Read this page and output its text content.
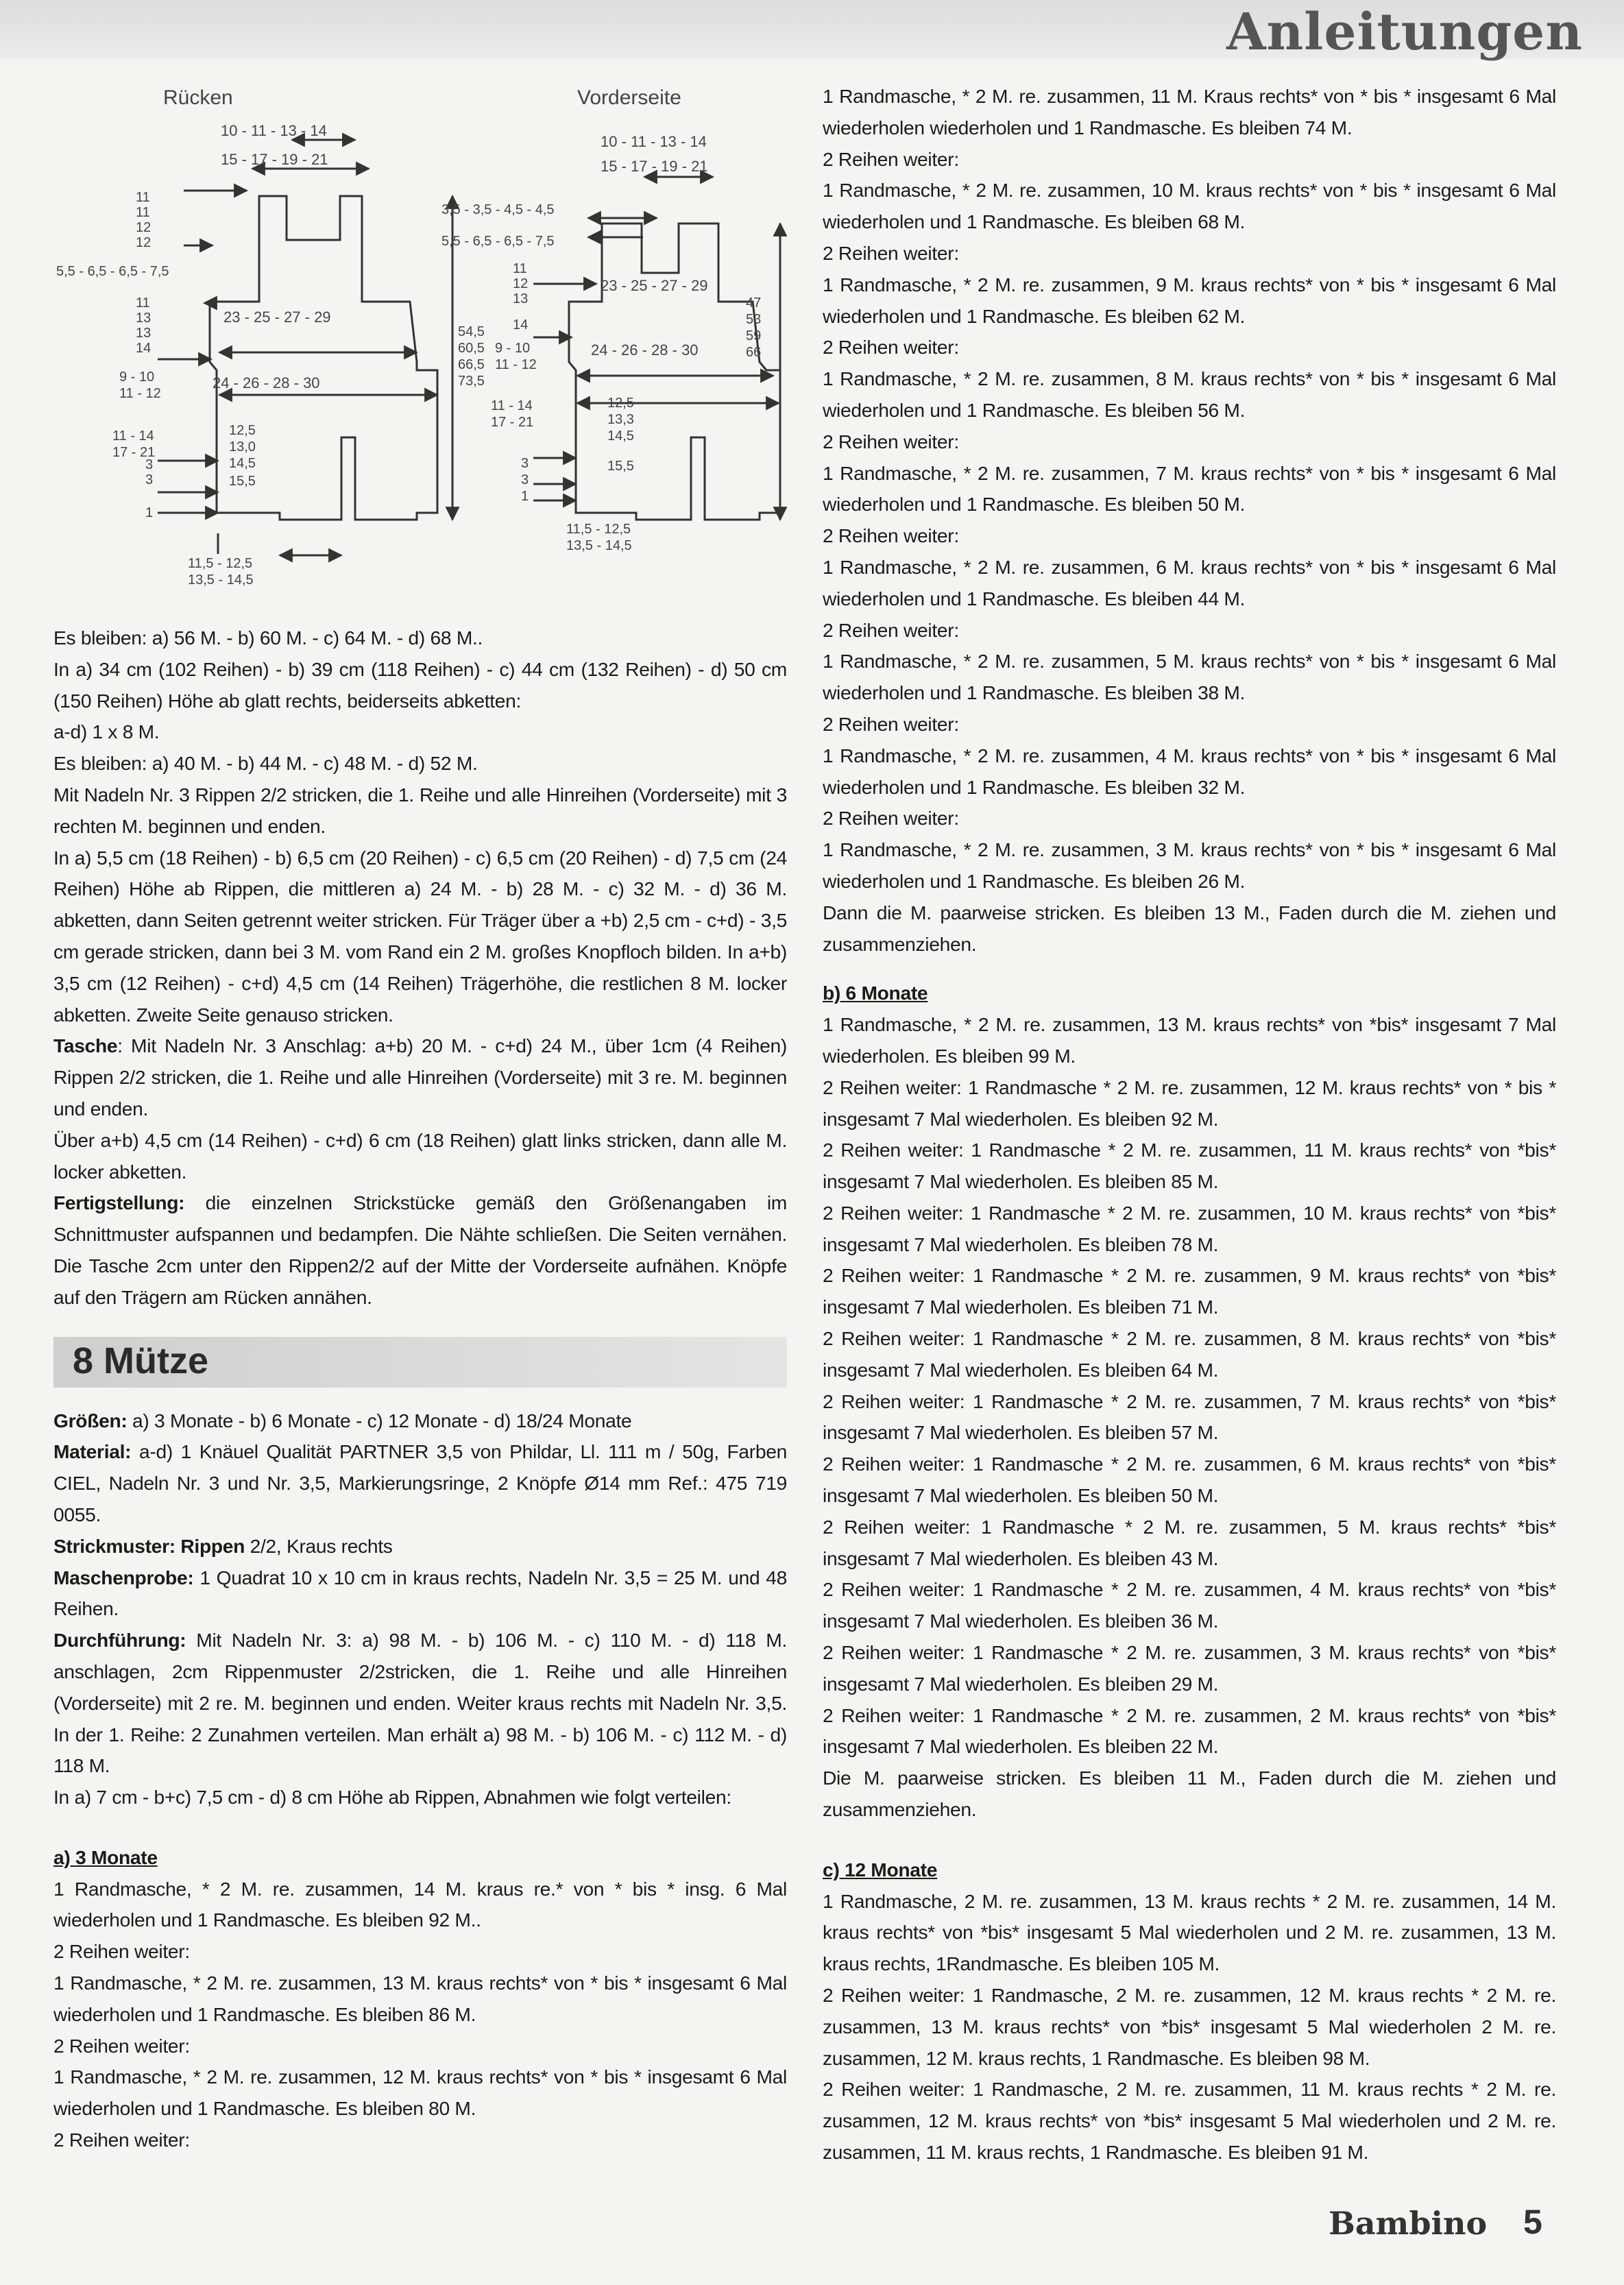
Anleitungen
Rücken
10 - 11 - 13 - 14
15 - 17 - 19 - 21
11
11
12
12
5,5 - 6,5 - 6,5 - 7,5
11
13
13
14
9 - 10
11 - 12
23 - 25 - 27 - 29
24 - 26 - 28 - 30
54,5
60,5
66,5
73,5
11 - 14
17 - 21
12,5
13,0
14,5
15,5
3
3
1
11,5 - 12,5
13,5 - 14,5
Vorderseite
10 - 11 - 13 - 14
15 - 17 - 19 - 21
3,5 - 3,5 - 4,5 - 4,5
5,5 - 6,5 - 6,5 - 7,5
11
12
13
14
9 - 10
11 - 12
23 - 25 - 27 - 29
24 - 26 - 28 - 30
47
53
59
66
11 - 14
17 - 21
12,5
13,3
14,5
15,5
3
3
1
11,5 - 12,5
13,5 - 14,5

Es bleiben: a) 56 M. - b) 60 M. - c) 64 M. - d) 68 M..

In a) 34 cm (102 Reihen) - b) 39 cm (118 Reihen) - c) 44 cm (132 Reihen) - d) 50 cm (150 Reihen) Höhe ab glatt rechts, beiderseits abketten:

a-d) 1 x 8 M.

Es bleiben: a) 40 M. - b) 44 M. - c) 48 M. - d) 52 M.

Mit Nadeln Nr. 3 Rippen 2/2 stricken, die 1. Reihe und alle Hinreihen (Vorderseite) mit 3 rechten M. beginnen und enden.

In a) 5,5 cm (18 Reihen) - b) 6,5 cm (20 Reihen) - c) 6,5 cm (20 Reihen) - d) 7,5 cm (24 Reihen) Höhe ab Rippen, die mittleren a) 24 M. - b) 28 M. - c) 32 M. - d) 36 M. abketten, dann Seiten getrennt weiter stricken. Für Träger über a +b) 2,5 cm - c+d) - 3,5 cm gerade stricken, dann bei 3 M. vom Rand ein 2 M. großes Knopfloch bilden. In a+b) 3,5 cm (12 Reihen) - c+d) 4,5 cm (14 Reihen) Trägerhöhe, die restlichen 8 M. locker abketten. Zweite Seite genauso stricken.

Tasche: Mit Nadeln Nr. 3 Anschlag: a+b) 20 M. - c+d) 24 M., über 1cm (4 Reihen) Rippen 2/2 stricken, die 1. Reihe und alle Hinreihen (Vorderseite) mit 3 re. M. beginnen und enden.

Über a+b) 4,5 cm (14 Reihen) - c+d) 6 cm (18 Reihen) glatt links stricken, dann alle M. locker abketten.

Fertigstellung: die einzelnen Strickstücke gemäß den Größenangaben im Schnittmuster aufspannen und bedampfen. Die Nähte schließen. Die Seiten vernähen. Die Tasche 2cm unter den Rippen2/2 auf der Mitte der Vorderseite aufnähen. Knöpfe auf den Trägern am Rücken annähen.

8 Mütze

Größen: a) 3 Monate - b) 6 Monate - c) 12 Monate - d) 18/24 Monate

Material: a-d) 1 Knäuel Qualität PARTNER 3,5 von Phildar, Ll. 111 m / 50g, Farben CIEL, Nadeln Nr. 3 und Nr. 3,5, Markierungsringe, 2 Knöpfe Ø14 mm Ref.: 475 719 0055.

Strickmuster: Rippen 2/2, Kraus rechts

Maschenprobe: 1 Quadrat 10 x 10 cm in kraus rechts, Nadeln Nr. 3,5 = 25 M. und 48 Reihen.

Durchführung: Mit Nadeln Nr. 3: a) 98 M. - b) 106 M. - c) 110 M. - d) 118 M. anschlagen, 2cm Rippenmuster 2/2stricken, die 1. Reihe und alle Hinreihen (Vorderseite) mit 2 re. M. beginnen und enden. Weiter kraus rechts mit Nadeln Nr. 3,5. In der 1. Reihe: 2 Zunahmen verteilen. Man erhält a) 98 M. - b) 106 M. - c) 112 M. - d) 118 M.

In a) 7 cm - b+c) 7,5 cm - d) 8 cm Höhe ab Rippen, Abnahmen wie folgt verteilen:

a) 3 Monate

1 Randmasche, * 2 M. re. zusammen, 14 M. kraus re.* von * bis * insg. 6 Mal wiederholen und 1 Randmasche. Es bleiben 92 M..

2 Reihen weiter:

1 Randmasche, * 2 M. re. zusammen, 13 M. kraus rechts* von * bis * insgesamt 6 Mal wiederholen und 1 Randmasche. Es bleiben 86 M.

2 Reihen weiter:

1 Randmasche, * 2 M. re. zusammen, 12 M. kraus rechts* von * bis * insgesamt 6 Mal wiederholen und 1 Randmasche. Es bleiben 80 M.

2 Reihen weiter:

1 Randmasche, * 2 M. re. zusammen, 11 M. Kraus rechts* von * bis * insgesamt 6 Mal wiederholen wiederholen und 1 Randmasche. Es bleiben 74 M.

2 Reihen weiter:

1 Randmasche, * 2 M. re. zusammen, 10 M. kraus rechts* von * bis * insgesamt 6 Mal wiederholen und 1 Randmasche. Es bleiben 68 M.

2 Reihen weiter:

1 Randmasche, * 2 M. re. zusammen, 9 M. kraus rechts* von * bis * insgesamt 6 Mal wiederholen und 1 Randmasche. Es bleiben 62 M.

2 Reihen weiter:

1 Randmasche, * 2 M. re. zusammen, 8 M. kraus rechts* von * bis * insgesamt 6 Mal wiederholen und 1 Randmasche. Es bleiben 56 M.

2 Reihen weiter:

1 Randmasche, * 2 M. re. zusammen, 7 M. kraus rechts* von * bis * insgesamt 6 Mal wiederholen und 1 Randmasche. Es bleiben 50 M.

2 Reihen weiter:

1 Randmasche, * 2 M. re. zusammen, 6 M. kraus rechts* von * bis * insgesamt 6 Mal wiederholen und 1 Randmasche. Es bleiben 44 M.

2 Reihen weiter:

1 Randmasche, * 2 M. re. zusammen, 5 M. kraus rechts* von * bis * insgesamt 6 Mal wiederholen und 1 Randmasche. Es bleiben 38 M.

2 Reihen weiter:

1 Randmasche, * 2 M. re. zusammen, 4 M. kraus rechts* von * bis * insgesamt 6 Mal wiederholen und 1 Randmasche. Es bleiben 32 M.

2 Reihen weiter:

1 Randmasche, * 2 M. re. zusammen, 3 M. kraus rechts* von * bis * insgesamt 6 Mal wiederholen und 1 Randmasche. Es bleiben 26 M.

Dann die M. paarweise stricken. Es bleiben 13 M., Faden durch die M. ziehen und zusammenziehen.

b) 6 Monate

1 Randmasche, * 2 M. re. zusammen, 13 M. kraus rechts* von *bis* insgesamt 7 Mal wiederholen. Es bleiben 99 M.

2 Reihen weiter: 1 Randmasche * 2 M. re. zusammen, 12 M. kraus rechts* von * bis * insgesamt 7 Mal wiederholen. Es bleiben 92 M.

2 Reihen weiter: 1 Randmasche * 2 M. re. zusammen, 11 M. kraus rechts* von *bis* insgesamt 7 Mal wiederholen. Es bleiben 85 M.

2 Reihen weiter: 1 Randmasche * 2 M. re. zusammen, 10 M. kraus rechts* von *bis* insgesamt 7 Mal wiederholen. Es bleiben 78 M.

2 Reihen weiter: 1 Randmasche * 2 M. re. zusammen, 9 M. kraus rechts* von *bis* insgesamt 7 Mal wiederholen. Es bleiben 71 M.

2 Reihen weiter: 1 Randmasche * 2 M. re. zusammen, 8 M. kraus rechts* von *bis* insgesamt 7 Mal wiederholen. Es bleiben 64 M.

2 Reihen weiter: 1 Randmasche * 2 M. re. zusammen, 7 M. kraus rechts* von *bis* insgesamt 7 Mal wiederholen. Es bleiben 57 M.

2 Reihen weiter: 1 Randmasche * 2 M. re. zusammen, 6 M. kraus rechts* von *bis* insgesamt 7 Mal wiederholen. Es bleiben 50 M.

2 Reihen weiter: 1 Randmasche * 2 M. re. zusammen, 5 M. kraus rechts* *bis* insgesamt 7 Mal wiederholen. Es bleiben 43 M.

2 Reihen weiter: 1 Randmasche * 2 M. re. zusammen, 4 M. kraus rechts* von *bis* insgesamt 7 Mal wiederholen. Es bleiben 36 M.

2 Reihen weiter: 1 Randmasche * 2 M. re. zusammen, 3 M. kraus rechts* von *bis* insgesamt 7 Mal wiederholen. Es bleiben 29 M.

2 Reihen weiter: 1 Randmasche * 2 M. re. zusammen, 2 M. kraus rechts* von *bis* insgesamt 7 Mal wiederholen. Es bleiben 22 M.

Die M. paarweise stricken. Es bleiben 11 M., Faden durch die M. ziehen und zusammenziehen.

c) 12 Monate

1 Randmasche, 2 M. re. zusammen, 13 M. kraus rechts * 2 M. re. zusammen, 14 M. kraus rechts* von *bis* insgesamt 5 Mal wiederholen und 2 M. re. zusammen, 13 M. kraus rechts, 1Randmasche. Es bleiben 105 M.

2 Reihen weiter: 1 Randmasche, 2 M. re. zusammen, 12 M. kraus rechts * 2 M. re. zusammen, 13 M. kraus rechts* von *bis* insgesamt 5 Mal wiederholen 2 M. re. zusammen, 12 M. kraus rechts, 1 Randmasche. Es bleiben 98 M.

2 Reihen weiter: 1 Randmasche, 2 M. re. zusammen, 11 M. kraus rechts * 2 M. re. zusammen, 12 M. kraus rechts* von *bis* insgesamt 5 Mal wiederholen und 2 M. re. zusammen, 11 M. kraus rechts, 1 Randmasche. Es bleiben 91 M.

Bambino 5
